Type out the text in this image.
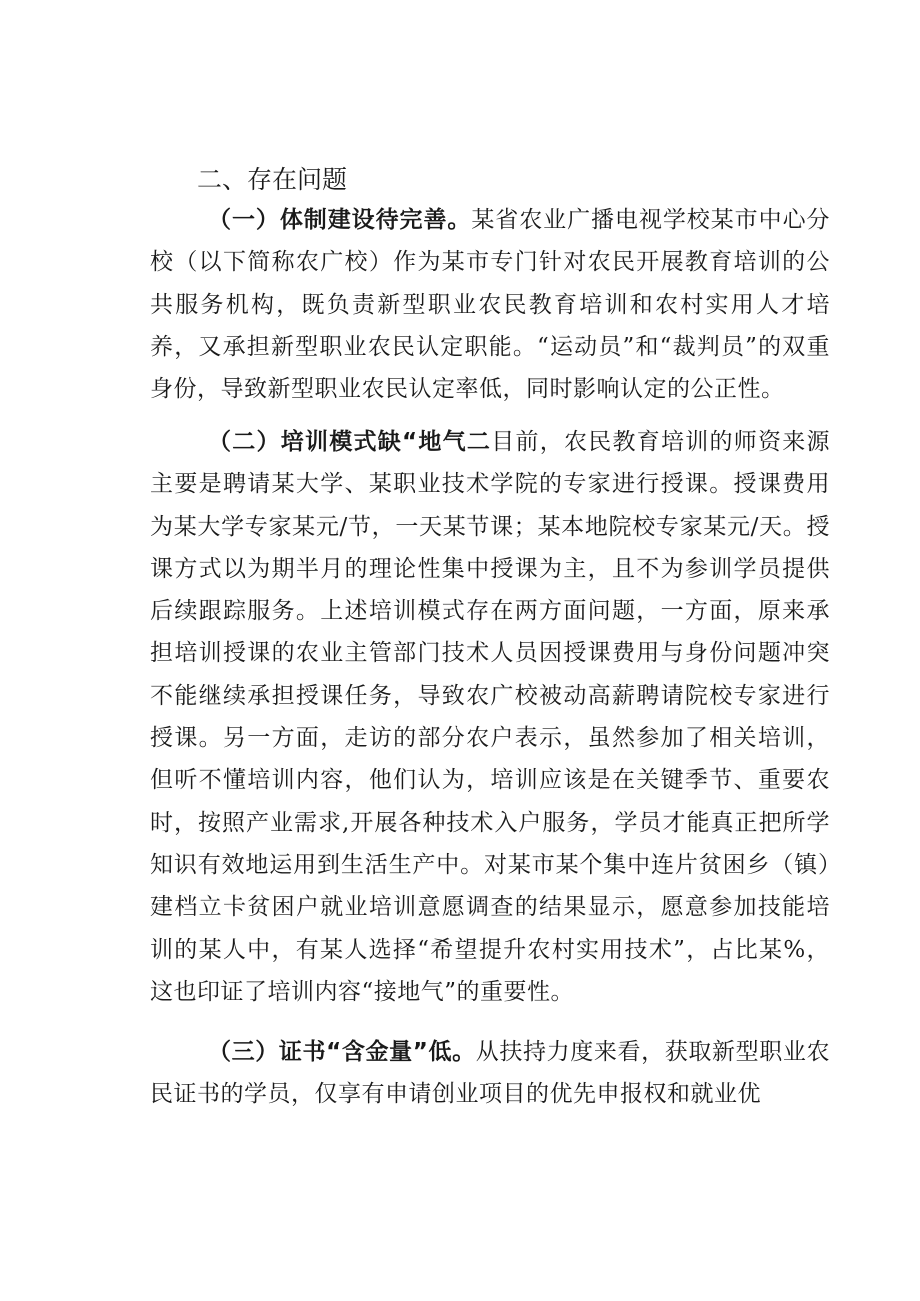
二、存在问题

（一）体制建设待完善。某省农业广播电视学校某市中心分校（以下简称农广校）作为某市专门针对农民开展教育培训的公共服务机构，既负责新型职业农民教育培训和农村实用人才培养，又承担新型职业农民认定职能。“运动员”和“裁判员”的双重身份，导致新型职业农民认定率低，同时影响认定的公正性。

（二）培训模式缺“地气二目前，农民教育培训的师资来源主要是聘请某大学、某职业技术学院的专家进行授课。授课费用为某大学专家某元/节，一天某节课；某本地院校专家某元/天。授课方式以为期半月的理论性集中授课为主，且不为参训学员提供后续跟踪服务。上述培训模式存在两方面问题，一方面，原来承担培训授课的农业主管部门技术人员因授课费用与身份问题冲突不能继续承担授课任务，导致农广校被动高薪聘请院校专家进行授课。另一方面，走访的部分农户表示，虽然参加了相关培训，但听不懂培训内容，他们认为，培训应该是在关键季节、重要农时，按照产业需求,开展各种技术入户服务，学员才能真正把所学知识有效地运用到生活生产中。对某市某个集中连片贫困乡（镇）建档立卡贫困户就业培训意愿调查的结果显示，愿意参加技能培训的某人中，有某人选择“希望提升农村实用技术”，占比某%，这也印证了培训内容“接地气”的重要性。

（三）证书“含金量”低。从扶持力度来看，获取新型职业农民证书的学员，仅享有申请创业项目的优先申报权和就业优
